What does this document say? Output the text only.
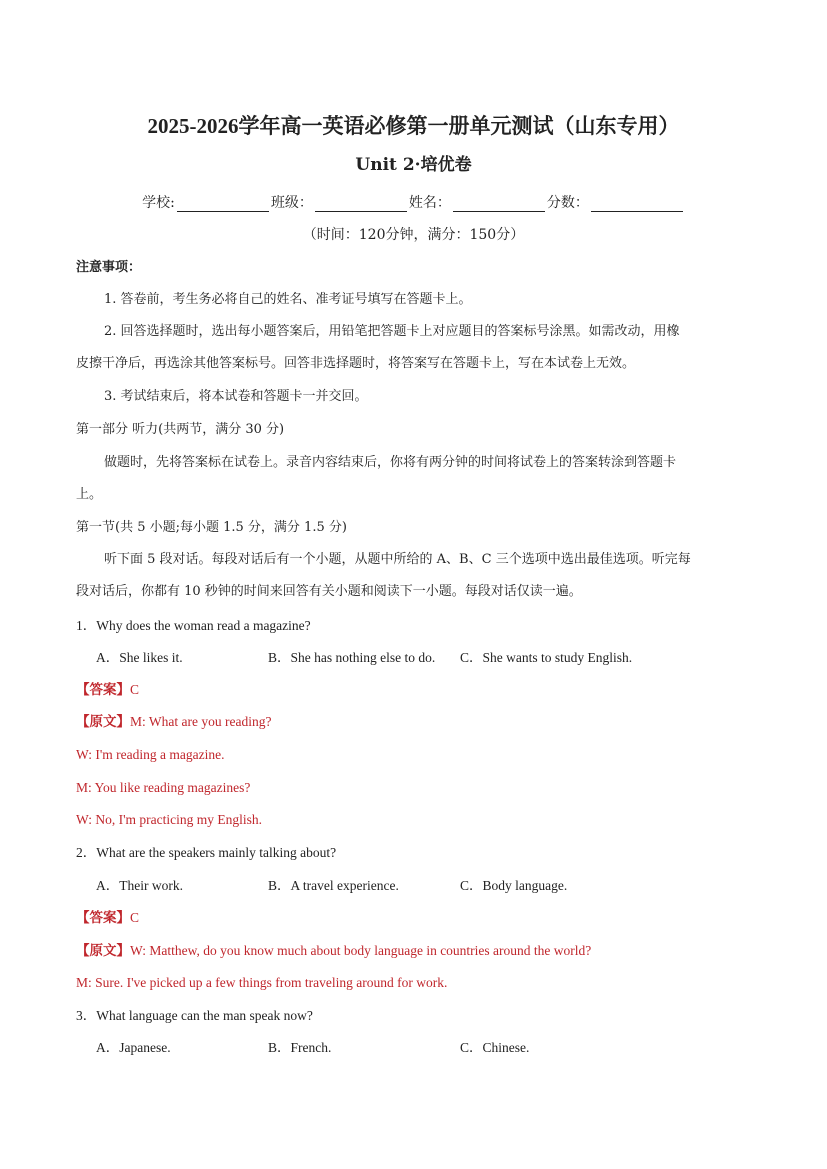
2025-2026学年高一英语必修第一册单元测试（山东专用）
Unit 2·培优卷
学校:	班级：	姓名：	分数：
（时间：120分钟，满分：150分）
注意事项：
1. 答卷前，考生务必将自己的姓名、准考证号填写在答题卡上。
2. 回答选择题时，选出每小题答案后，用铅笔把答题卡上对应题目的答案标号涂黑。如需改动，用橡
皮擦干净后，再选涂其他答案标号。回答非选择题时，将答案写在答题卡上，写在本试卷上无效。
3. 考试结束后，将本试卷和答题卡一并交回。
第一部分 听力(共两节，满分 30 分)
做题时，先将答案标在试卷上。录音内容结束后，你将有两分钟的时间将试卷上的答案转涂到答题卡
上。
第一节(共 5 小题;每小题 1.5 分，满分 1.5 分)
听下面 5 段对话。每段对话后有一个小题，从题中所给的 A、B、C 三个选项中选出最佳选项。听完每
段对话后，你都有 10 秒钟的时间来回答有关小题和阅读下一小题。每段对话仅读一遍。
1．Why does the woman read a magazine?
A．She likes it.	B．She has nothing else to do. C．She wants to study English.
【答案】C
【原文】M: What are you reading?
W: I'm reading a magazine.
M: You like reading magazines?
W: No, I'm practicing my English.
2．What are the speakers mainly talking about?
A．Their work.	B．A travel experience.	C．Body language.
【答案】C
【原文】W: Matthew, do you know much about body language in countries around the world?
M: Sure. I've picked up a few things from traveling around for work.
3．What language can the man speak now?
A．Japanese.	B．French.	C．Chinese.
